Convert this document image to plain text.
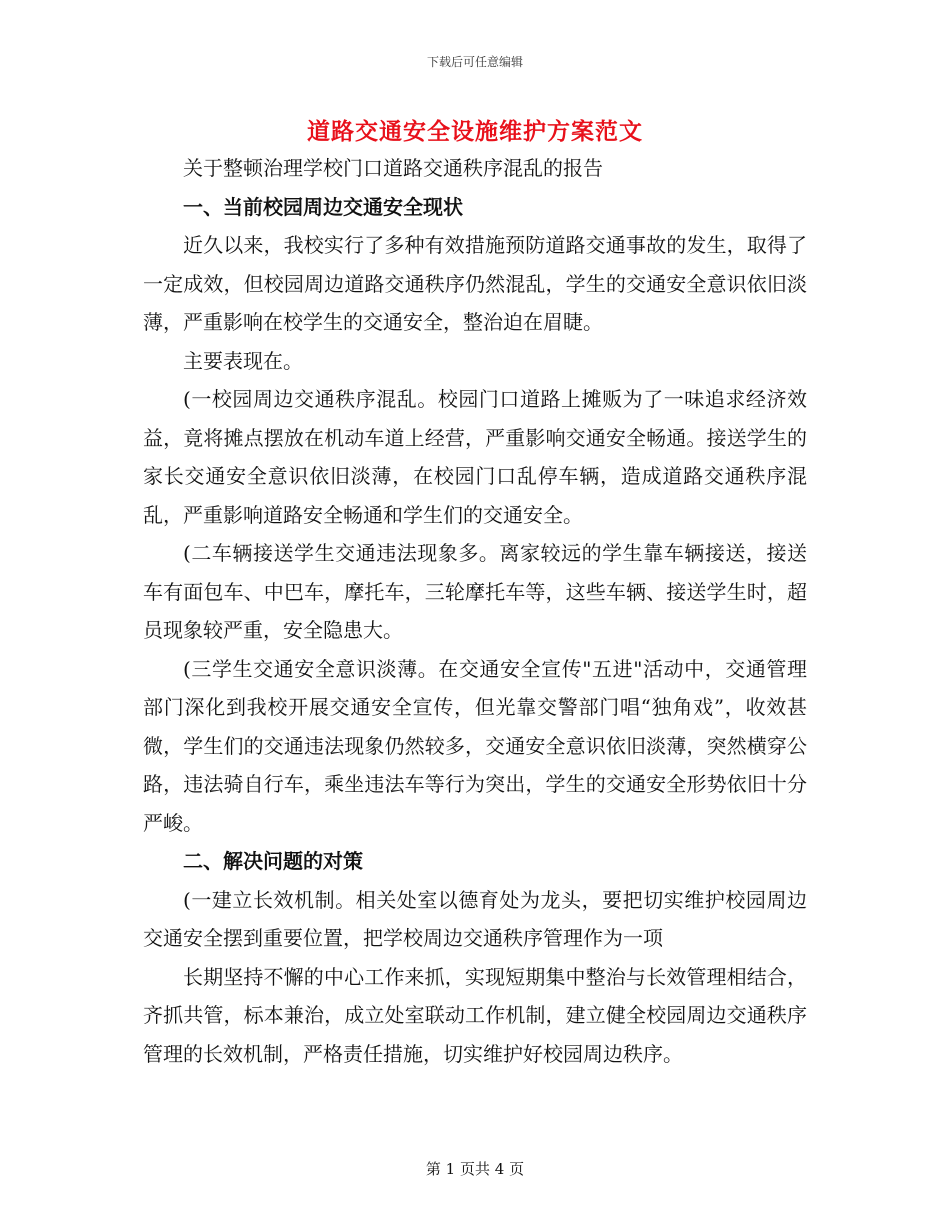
下载后可任意编辑
道路交通安全设施维护方案范文

关于整顿治理学校门口道路交通秩序混乱的报告

一、当前校园周边交通安全现状

近久以来，我校实行了多种有效措施预防道路交通事故的发生，取得了一定成效，但校园周边道路交通秩序仍然混乱，学生的交通安全意识依旧淡薄，严重影响在校学生的交通安全，整治迫在眉睫。

主要表现在。

(一校园周边交通秩序混乱。校园门口道路上摊贩为了一味追求经济效益，竟将摊点摆放在机动车道上经营，严重影响交通安全畅通。接送学生的家长交通安全意识依旧淡薄，在校园门口乱停车辆，造成道路交通秩序混乱，严重影响道路安全畅通和学生们的交通安全。

(二车辆接送学生交通违法现象多。离家较远的学生靠车辆接送，接送车有面包车、中巴车，摩托车，三轮摩托车等，这些车辆、接送学生时，超员现象较严重，安全隐患大。

(三学生交通安全意识淡薄。在交通安全宣传"五进"活动中，交通管理部门深化到我校开展交通安全宣传，但光靠交警部门唱“独角戏”，收效甚微，学生们的交通违法现象仍然较多，交通安全意识依旧淡薄，突然横穿公路，违法骑自行车，乘坐违法车等行为突出，学生的交通安全形势依旧十分严峻。

二、解决问题的对策

(一建立长效机制。相关处室以德育处为龙头，要把切实维护校园周边交通安全摆到重要位置，把学校周边交通秩序管理作为一项

长期坚持不懈的中心工作来抓，实现短期集中整治与长效管理相结合，齐抓共管，标本兼治，成立处室联动工作机制，建立健全校园周边交通秩序管理的长效机制，严格责任措施，切实维护好校园周边秩序。

第 1 页共 4 页
